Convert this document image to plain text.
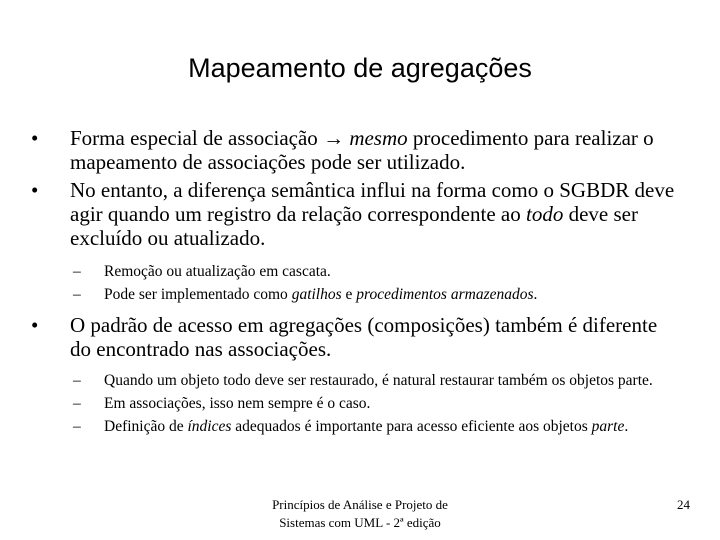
Mapeamento de agregações
• Forma especial de associação → mesmo procedimento para realizar o mapeamento de associações pode ser utilizado.
• No entanto, a diferença semântica influi na forma como o SGBDR deve agir quando um registro da relação correspondente ao todo deve ser excluído ou atualizado.
– Remoção ou atualização em cascata.
– Pode ser implementado como gatilhos e procedimentos armazenados.
• O padrão de acesso em agregações (composições) também é diferente do encontrado nas associações.
– Quando um objeto todo deve ser restaurado, é natural restaurar também os objetos parte.
– Em associações, isso nem sempre é o caso.
– Definição de índices adequados é importante para acesso eficiente aos objetos parte.
Princípios de Análise e Projeto de
Sistemas com UML - 2ª edição
24
